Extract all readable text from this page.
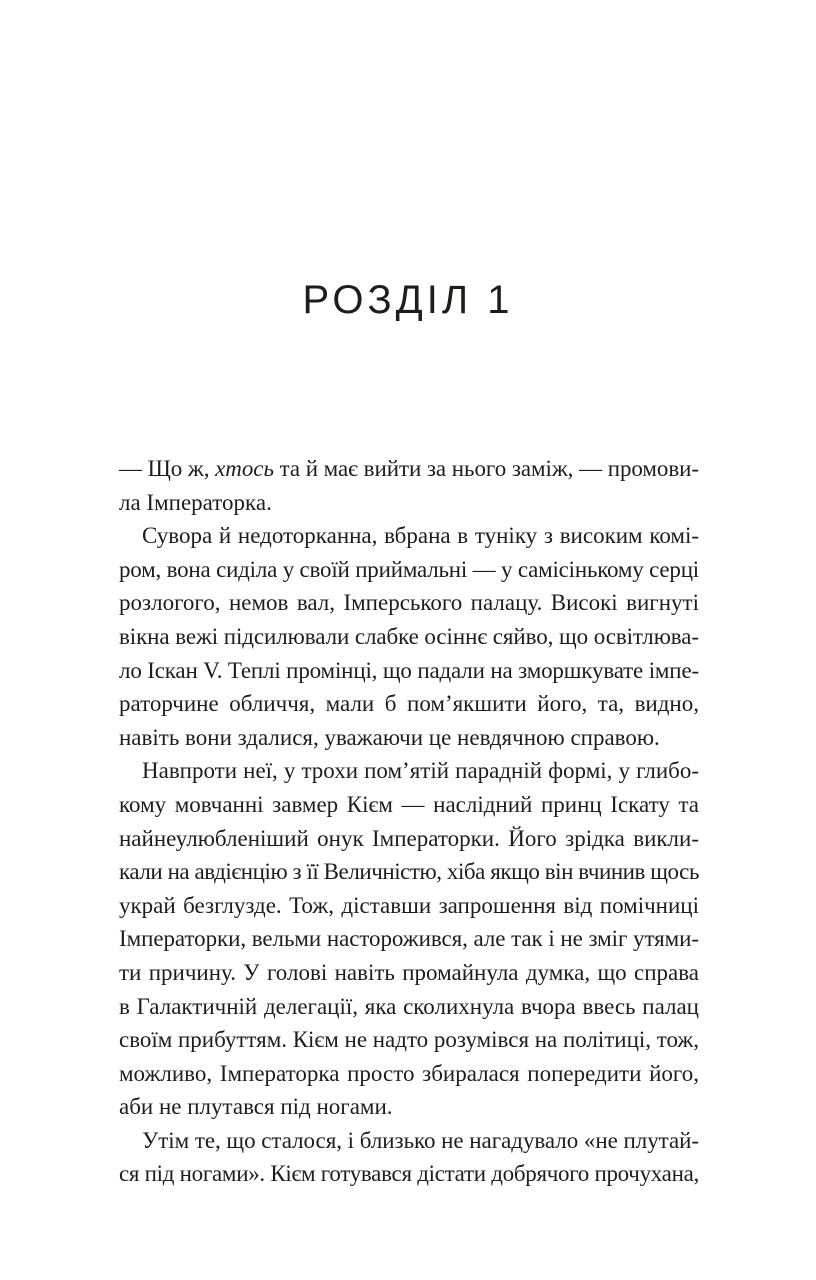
РОЗДІЛ 1

— Що ж, хтось та й має вийти за нього заміж, — промови-
ла Імператорка.

Сувора й недоторканна, вбрана в туніку з високим комі-
ром, вона сиділа у своїй приймальні — у самісінькому серці
розлогого, немов вал, Імперського палацу. Високі вигнуті
вікна вежі підсилювали слабке осіннє сяйво, що освітлюва-
ло Іскан V. Теплі промінці, що падали на зморшкувате імпе-
раторчине обличчя, мали б пом’якшити його, та, видно,
навіть вони здалися, уважаючи це невдячною справою.

Навпроти неї, у трохи пом’ятій парадній формі, у глибо-
кому мовчанні завмер Кієм — наслідний принц Іскату та
найнеулюбленіший онук Імператорки. Його зрідка викли-
кали на авдієнцію з її Величністю, хіба якщо він вчинив щось
украй безглузде. Тож, діставши запрошення від помічниці
Імператорки, вельми насторожився, але так і не зміг утями-
ти причину. У голові навіть промайнула думка, що справа
в Галактичній делегації, яка сколихнула вчора ввесь палац
своїм прибуттям. Кієм не надто розумівся на політиці, тож,
можливо, Імператорка просто збиралася попередити його,
аби не плутався під ногами.

Утім те, що сталося, і близько не нагадувало «не плутай-
ся під ногами». Кієм готувався дістати добрячого прочухана,
